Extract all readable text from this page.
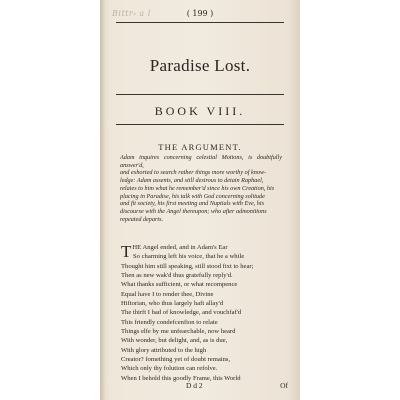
Bittr⸗ a l	( 199 )
Paradise Lost.
BOOK VIII.
THE ARGUMENT.
Adam inquires concerning celestial Motions, is doubtfully answer'd,
and exhorted to search rather things more worthy of know-
ledge: Adam assents, and still desirous to detain Raphael,
relates to him what he remember'd since his own Creation, his
placing in Paradise, his talk with God concerning solitude
and fit society, his first meeting and Nuptials with Eve, his
discourse with the Angel thereupon; who after admonitions
repeated departs.
T HE Angel ended, and in Adam's Ear
So charming left his voice, that he a while
Thought him still speaking, still stood fixt to hear;
Then as new wak'd thus gratefully reply'd.
What thanks sufficient, or what recompence
Equal have I to render thee, Divine
Hiftorian, who thus largely haft allay'd
The thirft I had of knowledge, and vouchfaf'd
This friendly condefcenfion to relate
Things elfe by me unfearchable, now heard
With wonder, but delight, and, as is due,
With glory attributed to the high
Creator? fomething yet of doubt remains,
Which only thy folution can refolve.
When I behold this goodly Frame, this World
D d 2	Of
